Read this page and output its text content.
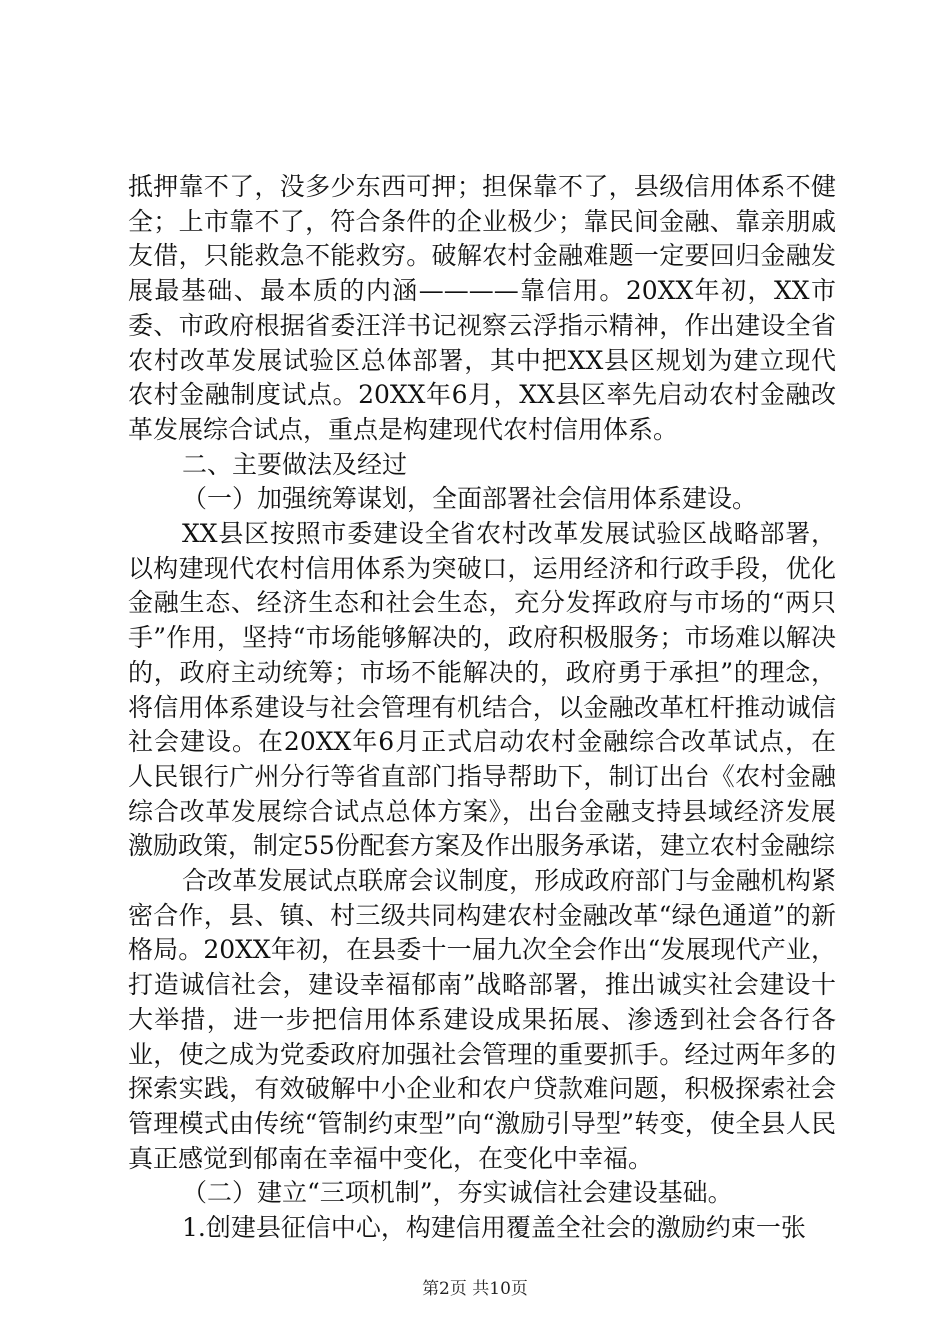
抵押靠不了，没多少东西可押；担保靠不了，县级信用体系不健全；上市靠不了，符合条件的企业极少；靠民间金融、靠亲朋戚友借，只能救急不能救穷。破解农村金融难题一定要回归金融发展最基础、最本质的内涵————靠信用。20XX年初，XX市委、市政府根据省委汪洋书记视察云浮指示精神，作出建设全省农村改革发展试验区总体部署，其中把XX县区规划为建立现代农村金融制度试点。20XX年6月，XX县区率先启动农村金融改革发展综合试点，重点是构建现代农村信用体系。

二、主要做法及经过

（一）加强统筹谋划，全面部署社会信用体系建设。

XX县区按照市委建设全省农村改革发展试验区战略部署，以构建现代农村信用体系为突破口，运用经济和行政手段，优化金融生态、经济生态和社会生态，充分发挥政府与市场的“两只手”作用，坚持“市场能够解决的，政府积极服务；市场难以解决的，政府主动统筹；市场不能解决的，政府勇于承担”的理念，将信用体系建设与社会管理有机结合，以金融改革杠杆推动诚信社会建设。在20XX年6月正式启动农村金融综合改革试点，在人民银行广州分行等省直部门指导帮助下，制订出台《农村金融综合改革发展综合试点总体方案》，出台金融支持县域经济发展激励政策，制定55份配套方案及作出服务承诺，建立农村金融综

合改革发展试点联席会议制度，形成政府部门与金融机构紧密合作，县、镇、村三级共同构建农村金融改革“绿色通道”的新格局。20XX年初，在县委十一届九次全会作出“发展现代产业，打造诚信社会，建设幸福郁南”战略部署，推出诚实社会建设十大举措，进一步把信用体系建设成果拓展、渗透到社会各行各业，使之成为党委政府加强社会管理的重要抓手。经过两年多的探索实践，有效破解中小企业和农户贷款难问题，积极探索社会管理模式由传统“管制约束型”向“激励引导型”转变，使全县人民真正感觉到郁南在幸福中变化，在变化中幸福。

（二）建立“三项机制”，夯实诚信社会建设基础。

1.创建县征信中心，构建信用覆盖全社会的激励约束一张

第2页 共10页
